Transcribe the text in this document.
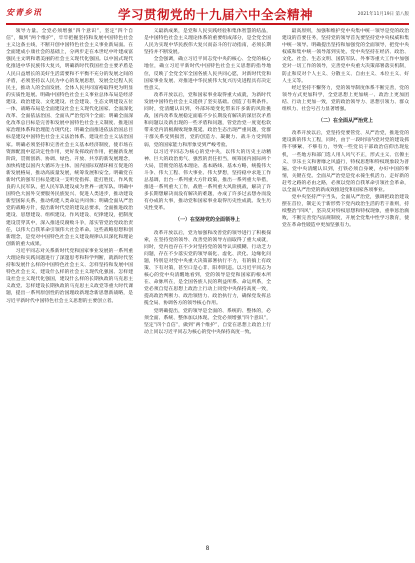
安青乡讯	学习贯彻党的十九届六中全会精神	2021年11月19日 第八版

领导力量。全党必须增强“四个意识”，坚定“四个自信”，做到“两个维护”，牢牢把握坚持和发展中国特色社会主义这条主线，不断开创中国特色社会主义事业新局面。在全面建成小康社会的基础上，分两步走在本世纪中叶建成富强民主文明和谐美丽的社会主义现代化强国。以中国式现代化推进中华民族伟大复兴，明确新时代我国社会主要矛盾是人民日益增长的美好生活需要和不平衡不充分的发展之间的矛盾，必须坚持以人民为中心的发展思想，发展全过程人民民主，推动人的全面发展、全体人民共同富裕取得更为明显的实质性进展。明确中国特色社会主义事业总体布局是经济建设、政治建设、文化建设、社会建设、生态文明建设五位一体，战略布局是全面建设社会主义现代化国家、全面深化改革、全面依法治国、全面从严治党四个全面；明确全面深化改革总目标是完善和发展中国特色社会主义制度、推进国家治理体系和治理能力现代化；明确全面推进依法治国总目标是建设中国特色社会主义法治体系、建设社会主义法治国家。明确必须坚持和完善社会主义基本经济制度，使市场在资源配置中起决定性作用，更好发挥政府作用，把握新发展阶段，贯彻创新、协调、绿色、开放、共享的新发展理念，加快构建以国内大循环为主体、国内国际双循环相互促进的新发展格局，推动高质量发展，统筹发展和安全。明确党在新时代的强军目标是建设一支听党指挥、能打胜仗、作风优良的人民军队，把人民军队建设成为世界一流军队。明确中国特色大国外交要服务民族复兴、促进人类进步，推动建设新型国际关系，推动构建人类命运共同体；明确全面从严治党的战略方针，提出新时代党的建设总要求，全面推进政治建设、思想建设、组织建设、作风建设、纪律建设，把制度建设贯穿其中，深入推进反腐败斗争，落实管党治党政治责任，以伟大自我革命引领伟大社会革命。这些战略思想和创新理念，是党对中国特色社会主义建设规律认识深化和理论创新的重大成果。

习近平同志对关系新时代党和国家事业发展的一系列重大理论和实践问题进行了深邃思考和科学判断，就新时代坚持和发展什么样的中国特色社会主义、怎样坚持和发展中国特色社会主义，建设什么样的社会主义现代化强国、怎样建设社会主义现代化强国，建设什么样的长期执政的马克思主义政党、怎样建设长期执政的马克思主义政党等重大时代课题，提出一系列原创性的治国理政新理念新思想新战略，是习近平新时代中国特色社会主义思想的主要创立者。

义最新成果，是党和人民实践经验和集体智慧的结晶，是中国特色社会主义理论体系的重要组成部分，是全党全国人民为实现中华民族伟大复兴而奋斗的行动指南，必须长期坚持并不断发展。

全会强调，确立习近平同志党中央的核心、全党的核心地位，确立习近平新时代中国特色社会主义思想的指导地位，反映了全党全军全国各族人民共同心愿，对新时代党和国家事业发展、对推进中华民族伟大复兴历史进程具有决定性意义。

改革开放以后，党和国家事业取得重大成就，为新时代发展中国特色社会主义提供了坚实基础。创造了有利条件。同时，党清醒认识到，外部环境变化带来许多新的风险挑战，国内改革发展稳定面临不少长期没有解决的深层次矛盾和问题以及新出现的一些矛盾和问题，管党治党一度宽松软带来党内消极腐败现象蔓延、政治生态出现严重问题，党群干群关系受到损害，党的创造力、凝聚力、战斗力受到削弱，党的国家能力和形象受到严峻考验。

以习近平同志为核心的党中央，以伟大的历史主动精神、巨大的政治勇气、强烈的责任担当，统筹国内国际两个大局，贯彻党的基本理论、基本路线、基本方略，统揽伟大斗争、伟大工程、伟大事业、伟大梦想，坚持稳中求进工作总基调，出台一系列重大方针政策，推出一系列重大举措，推进一系列重大工作，战胜一系列重大风险挑战，解决了许多长期想解决而没有解决的难题，办成了许多过去想办而没有办成的大事，推动党和国家事业取得历史性成就、发生历史性变革。

（一）在坚持党的全面领导上

改革开放以后，党为加强和改善党的领导进行了积极探索，在坚持党的领导、改善党的领导方面取得了重大成就，同时，党内也存在不少对坚持党的领导认识模糊、行动乏力问题，存在不少落实党的领导弱化、虚化、淡化、边缘化问题，特别是对党中央重大决策部署执行不力，有的搞上有政策、下有对策，甚至口是心非、阳奉阴违。以习近平同志为核心的党中央清醒地看到，党的领导是党和国家的根本所在、命脉所在，是全国各族人民的利益所系、命运所系，全党必须自觉在思想上政治上行动上同党中央保持高度一致，提高政治判断力、政治领悟力、政治执行力，确保党发挥总揽全局、协调各方的领导核心作用。

党明确提出，党的领导是全面的、系统的、整体的，必须全面、系统、整体加以体现。全党必须增强“四个意识”，坚定“四个自信”，做到“两个维护”，自觉在思想上政治上行动上同以习近平同志为核心的党中央保持高度一致。

最高原则，加强和维护党中央集中统一领导是党的政治建设的首要任务，坚持党的领导首先要坚持党中央权威和集中统一领导。明确提出坚持和加强党的全面领导，把党中央权威和集中统一领导落到实处。党中央坚持在经济、政治、文化、社会、生态文明、国防军队、外事等重大工作中加强党对一切工作的领导，完善党中央重大决策部署落实机制，防止和反对个人主义、分散主义、自由主义、本位主义、好人主义等。

经过坚持不懈努力，党的领导制度体系不断完善，党的领导方式更加科学，全党思想上更加统一、政治上更加团结、行动上更加一致，党的政治领导力、思想引领力、群众组织力、社会号召力显著增强。

（二）在全面从严治党上

改革开放以后，党坚持党要管党、从严治党，推进党的建设新的伟大工程，同时，由于一段时间内党对党的建设抓得不够紧、不够有力，导致一些党员干部政治信仰出现危机，一些地方和部门选人用人风气不正，形式主义、官僚主义、享乐主义和奢靡之风盛行，特权思想和特权现象较为普遍。党中央清醒认识到，打铁必须自身硬，办好中国的事情，关键在党。全面从严治党是党永葆生机活力、走好新的赶考之路的必由之路，必须以党的自我革命引领社会革命，以全面从严治党的新成效推进党和国家各项事业。

党中央坚持严字当头，全面从严治党，强调把政治建设摆在首位，制定关于新形势下党内政治生活的若干准则，持续整治“四风”，坚决反对特权思想和特权现象，重拳惩治腐败，不断完善党内法规制度，开展全党集中性学习教育，使党在革命性锻造中更加坚强有力。

8
